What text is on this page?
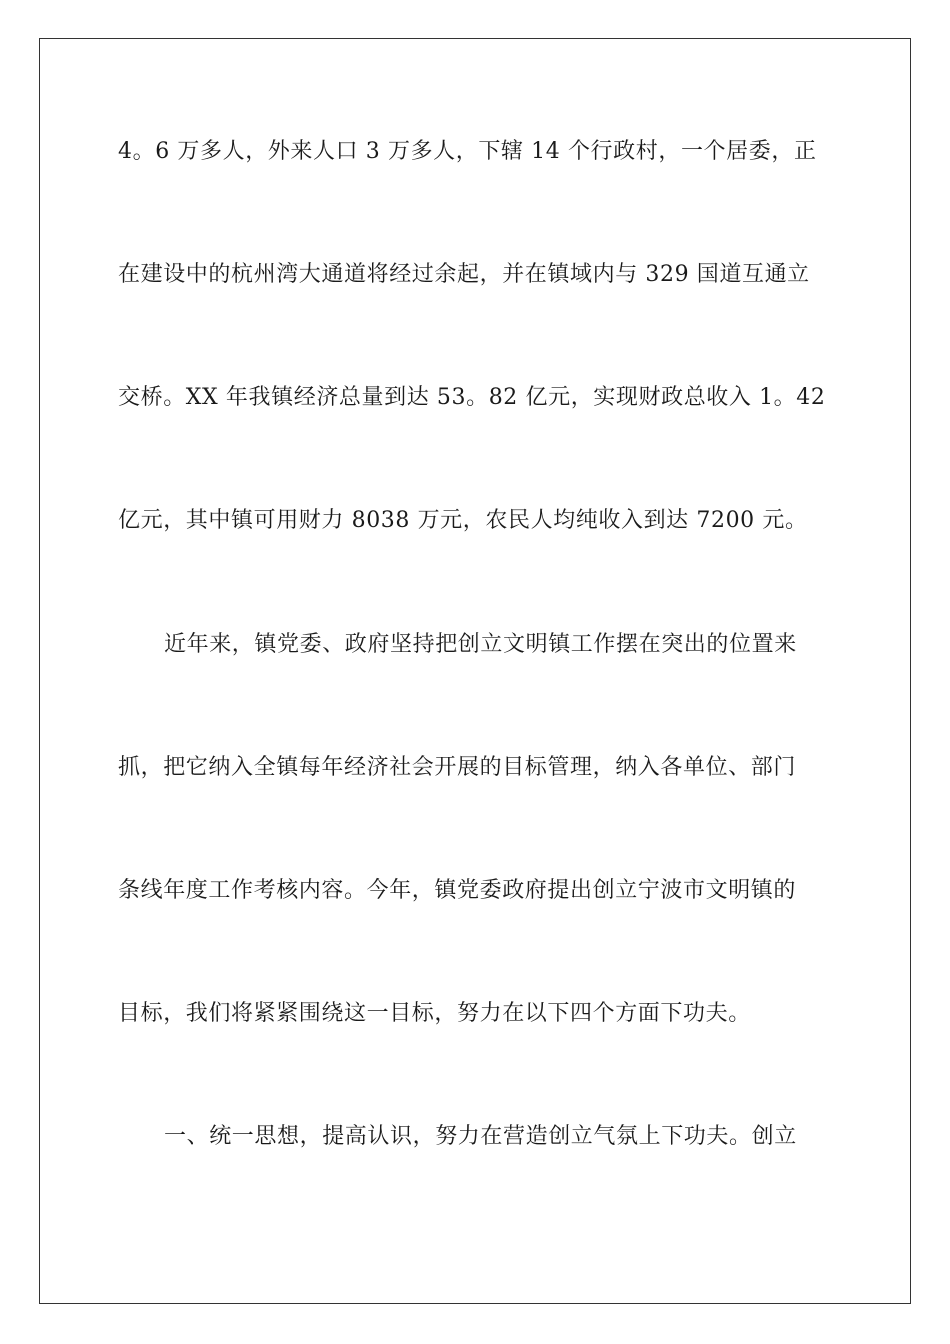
4。6 万多人，外来人口 3 万多人，下辖 14 个行政村，一个居委，正
在建设中的杭州湾大通道将经过余起，并在镇域内与 329 国道互通立
交桥。XX 年我镇经济总量到达 53。82 亿元，实现财政总收入 1。42
亿元，其中镇可用财力 8038 万元，农民人均纯收入到达 7200 元。
近年来，镇党委、政府坚持把创立文明镇工作摆在突出的位置来
抓，把它纳入全镇每年经济社会开展的目标管理，纳入各单位、部门
条线年度工作考核内容。今年，镇党委政府提出创立宁波市文明镇的
目标，我们将紧紧围绕这一目标，努力在以下四个方面下功夫。
一、统一思想，提高认识，努力在营造创立气氛上下功夫。创立
